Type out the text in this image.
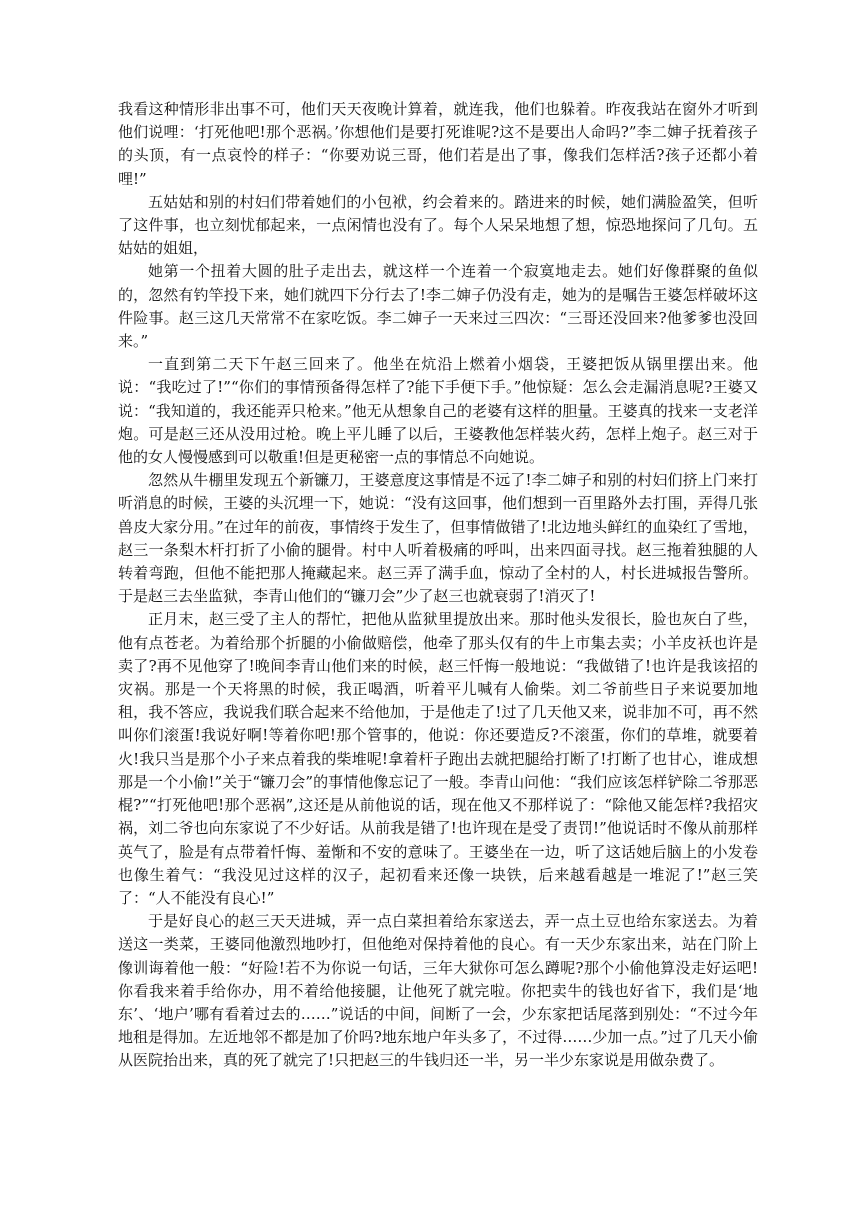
我看这种情形非出事不可，他们天天夜晚计算着，就连我，他们也躲着。昨夜我站在窗外才听到他们说哩：‘打死他吧!那个恶祸。’你想他们是要打死谁呢?这不是要出人命吗?”李二婶子抚着孩子的头顶，有一点哀怜的样子：“你要劝说三哥，他们若是出了事，像我们怎样活?孩子还都小着哩!”

五姑姑和别的村妇们带着她们的小包袱，约会着来的。踏进来的时候，她们满脸盈笑，但听了这件事，也立刻忧郁起来，一点闲情也没有了。每个人呆呆地想了想，惊恐地探问了几句。五姑姑的姐姐，

她第一个扭着大圆的肚子走出去，就这样一个连着一个寂寞地走去。她们好像群聚的鱼似的，忽然有钓竿投下来，她们就四下分行去了!李二婶子仍没有走，她为的是嘱告王婆怎样破坏这件险事。赵三这几天常常不在家吃饭。李二婶子一天来过三四次：“三哥还没回来?他爹爹也没回来。”

一直到第二天下午赵三回来了。他坐在炕沿上燃着小烟袋，王婆把饭从锅里摆出来。他说：“我吃过了!”“你们的事情预备得怎样了?能下手便下手。”他惊疑：怎么会走漏消息呢?王婆又说：“我知道的，我还能弄只枪来。”他无从想象自己的老婆有这样的胆量。王婆真的找来一支老洋炮。可是赵三还从没用过枪。晚上平儿睡了以后，王婆教他怎样装火药，怎样上炮子。赵三对于他的女人慢慢感到可以敬重!但是更秘密一点的事情总不向她说。

忽然从牛棚里发现五个新镰刀，王婆意度这事情是不远了!李二婶子和别的村妇们挤上门来打听消息的时候，王婆的头沉埋一下，她说：“没有这回事，他们想到一百里路外去打围，弄得几张兽皮大家分用。”在过年的前夜，事情终于发生了，但事情做错了!北边地头鲜红的血染红了雪地，赵三一条梨木杆打折了小偷的腿骨。村中人听着极痛的呼叫，出来四面寻找。赵三拖着独腿的人转着弯跑，但他不能把那人掩藏起来。赵三弄了满手血，惊动了全村的人，村长进城报告警所。于是赵三去坐监狱，李青山他们的“镰刀会”少了赵三也就衰弱了!消灭了!

正月末，赵三受了主人的帮忙，把他从监狱里提放出来。那时他头发很长，脸也灰白了些，他有点苍老。为着给那个折腿的小偷做赔偿，他牵了那头仅有的牛上市集去卖；小羊皮袄也许是卖了?再不见他穿了!晚间李青山他们来的时候，赵三忏悔一般地说：“我做错了!也许是我该招的灾祸。那是一个天将黑的时候，我正喝酒，听着平儿喊有人偷柴。刘二爷前些日子来说要加地租，我不答应，我说我们联合起来不给他加，于是他走了!过了几天他又来，说非加不可，再不然叫你们滚蛋!我说好啊!等着你吧!那个管事的，他说：你还要造反?不滚蛋，你们的草堆，就要着火!我只当是那个小子来点着我的柴堆呢!拿着杆子跑出去就把腿给打断了!打断了也甘心，谁成想那是一个小偷!”关于“镰刀会”的事情他像忘记了一般。李青山问他：“我们应该怎样铲除二爷那恶棍?”“打死他吧!那个恶祸”,这还是从前他说的话，现在他又不那样说了：“除他又能怎样?我招灾祸，刘二爷也向东家说了不少好话。从前我是错了!也许现在是受了责罚!”他说话时不像从前那样英气了，脸是有点带着忏悔、羞惭和不安的意味了。王婆坐在一边，听了这话她后脑上的小发卷也像生着气：“我没见过这样的汉子，起初看来还像一块铁，后来越看越是一堆泥了!”赵三笑了：“人不能没有良心!”

于是好良心的赵三天天进城，弄一点白菜担着给东家送去，弄一点土豆也给东家送去。为着送这一类菜，王婆同他激烈地吵打，但他绝对保持着他的良心。有一天少东家出来，站在门阶上像训诲着他一般：“好险!若不为你说一句话，三年大狱你可怎么蹲呢?那个小偷他算没走好运吧!你看我来着手给你办，用不着给他接腿，让他死了就完啦。你把卖牛的钱也好省下，我们是‘地东’、‘地户’哪有看着过去的……”说话的中间，间断了一会，少东家把话尾落到别处：“不过今年地租是得加。左近地邻不都是加了价吗?地东地户年头多了，不过得……少加一点。”过了几天小偷从医院抬出来，真的死了就完了!只把赵三的牛钱归还一半，另一半少东家说是用做杂费了。
